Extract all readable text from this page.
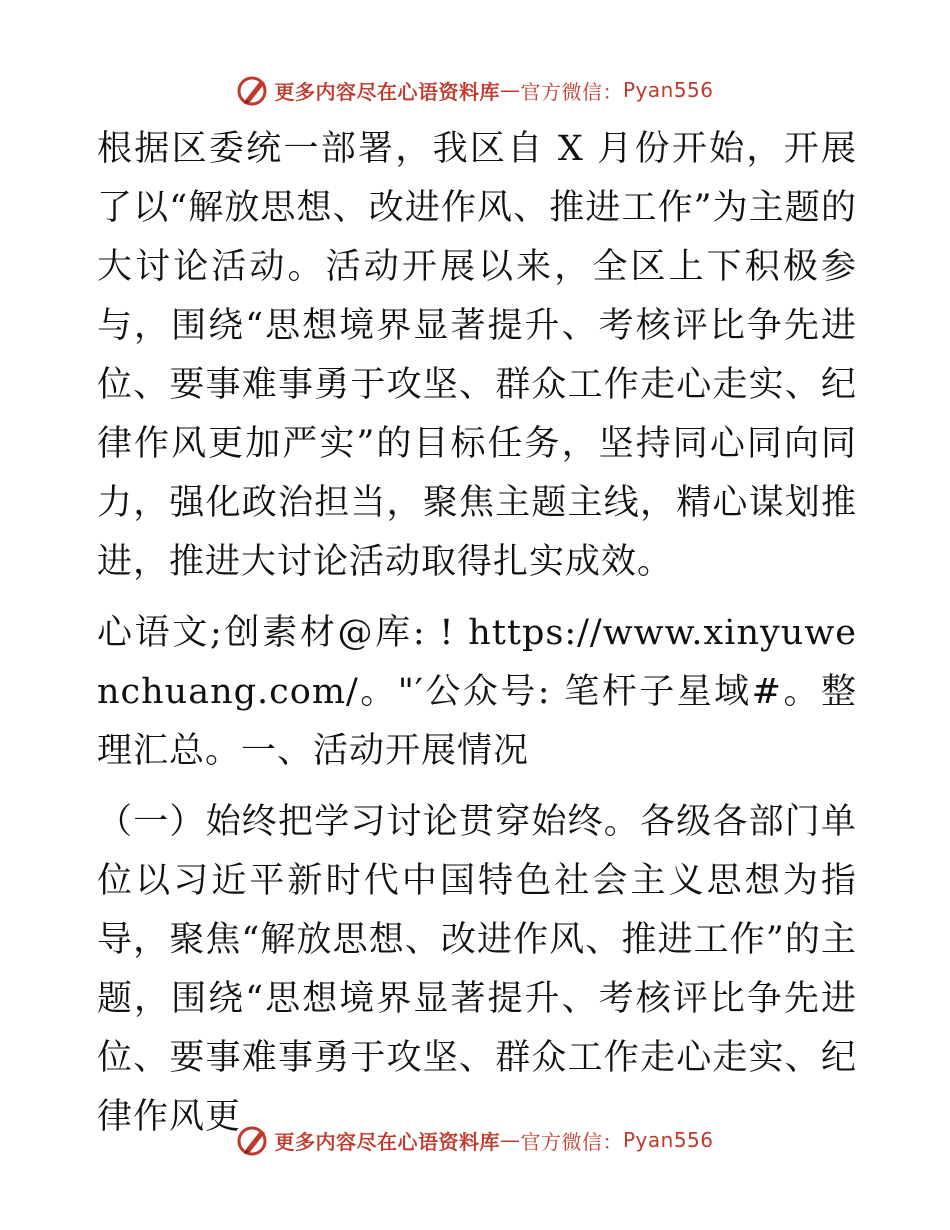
更多内容尽在心语资料库 — 官方微信： Pyan556

根据区委统一部署，我区自 X 月份开始，开展了以“解放思想、改进作风、推进工作”为主题的大讨论活动。活动开展以来，全区上下积极参与，围绕“思想境界显著提升、考核评比争先进位、要事难事勇于攻坚、群众工作走心走实、纪律作风更加严实”的目标任务，坚持同心同向同力，强化政治担当，聚焦主题主线，精心谋划推进，推进大讨论活动取得扎实成效。

心语文;创素材@库: ! https://www.xinyuwenchuang.com/。"′公众号: 笔杆子星域#。整理汇总。一、活动开展情况

（一）始终把学习讨论贯穿始终。各级各部门单位以习近平新时代中国特色社会主义思想为指导，聚焦“解放思想、改进作风、推进工作”的主题，围绕“思想境界显著提升、考核评比争先进位、要事难事勇于攻坚、群众工作走心走实、纪律作风更

更多内容尽在心语资料库 — 官方微信： Pyan556
